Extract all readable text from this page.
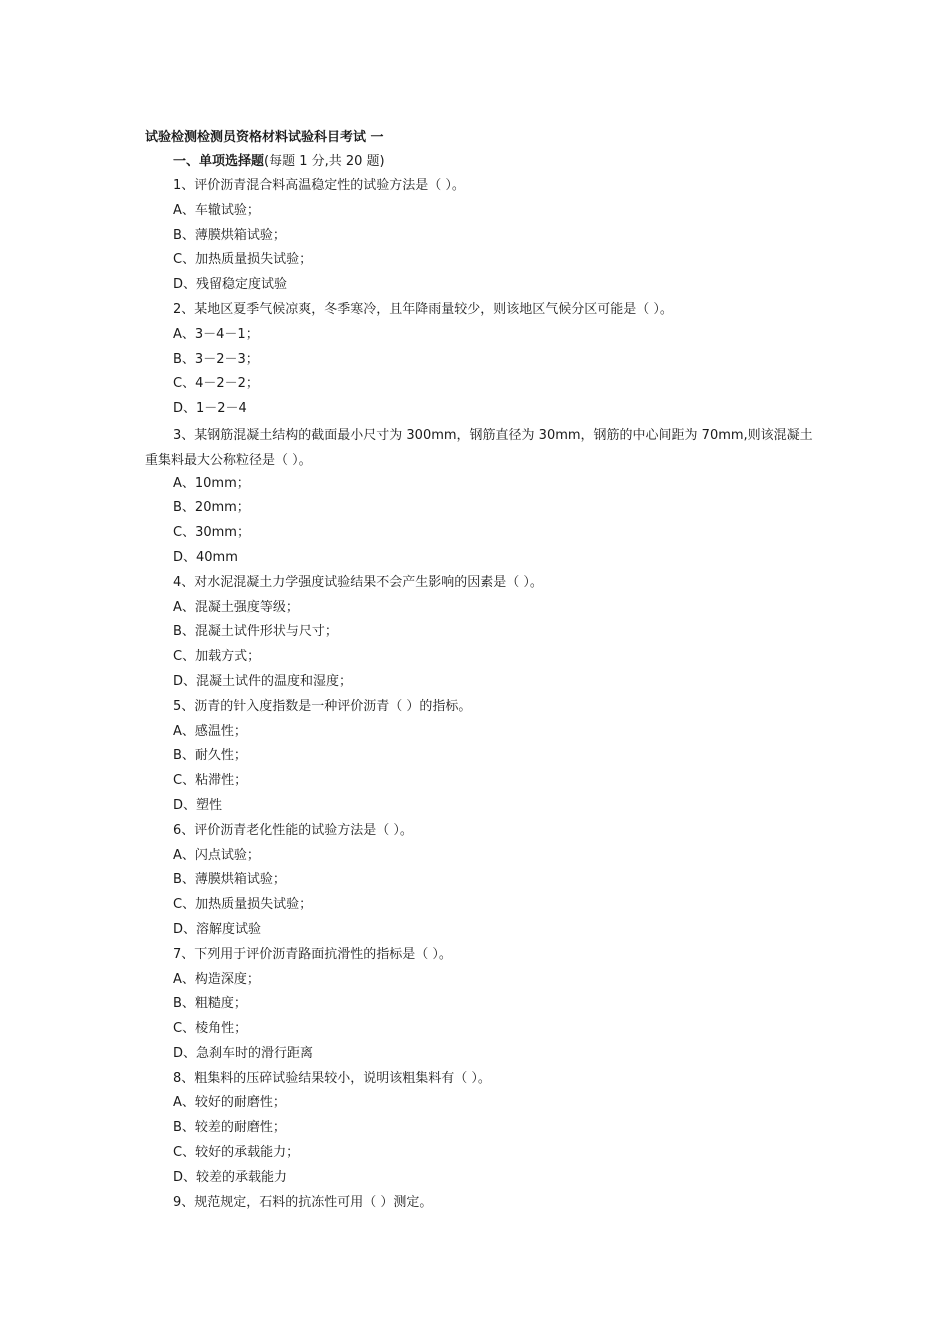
试验检测检测员资格材料试验科目考试 一
一、单项选择题(每题 1 分,共 20 题)
1、评价沥青混合料高温稳定性的试验方法是（ ）。
A、车辙试验；
B、薄膜烘箱试验；
C、加热质量损失试验；
D、残留稳定度试验
2、某地区夏季气候凉爽，冬季寒冷，且年降雨量较少，则该地区气候分区可能是（ ）。
A、3－4－1；
B、3－2－3；
C、4－2－2；
D、1－2－4
3、某钢筋混凝土结构的截面最小尺寸为 300mm，钢筋直径为 30mm，钢筋的中心间距为 70mm,则该混凝土重集料最大公称粒径是（ ）。
A、10mm；
B、20mm；
C、30mm；
D、40mm
4、对水泥混凝土力学强度试验结果不会产生影响的因素是（ ）。
A、混凝土强度等级；
B、混凝土试件形状与尺寸；
C、加载方式；
D、混凝土试件的温度和湿度；
5、沥青的针入度指数是一种评价沥青（ ）的指标。
A、感温性；
B、耐久性；
C、粘滞性；
D、塑性
6、评价沥青老化性能的试验方法是（ ）。
A、闪点试验；
B、薄膜烘箱试验；
C、加热质量损失试验；
D、溶解度试验
7、下列用于评价沥青路面抗滑性的指标是（ ）。
A、构造深度；
B、粗糙度；
C、棱角性；
D、急刹车时的滑行距离
8、粗集料的压碎试验结果较小，说明该粗集料有（ ）。
A、较好的耐磨性；
B、较差的耐磨性；
C、较好的承载能力；
D、较差的承载能力
9、规范规定，石料的抗冻性可用（ ）测定。
